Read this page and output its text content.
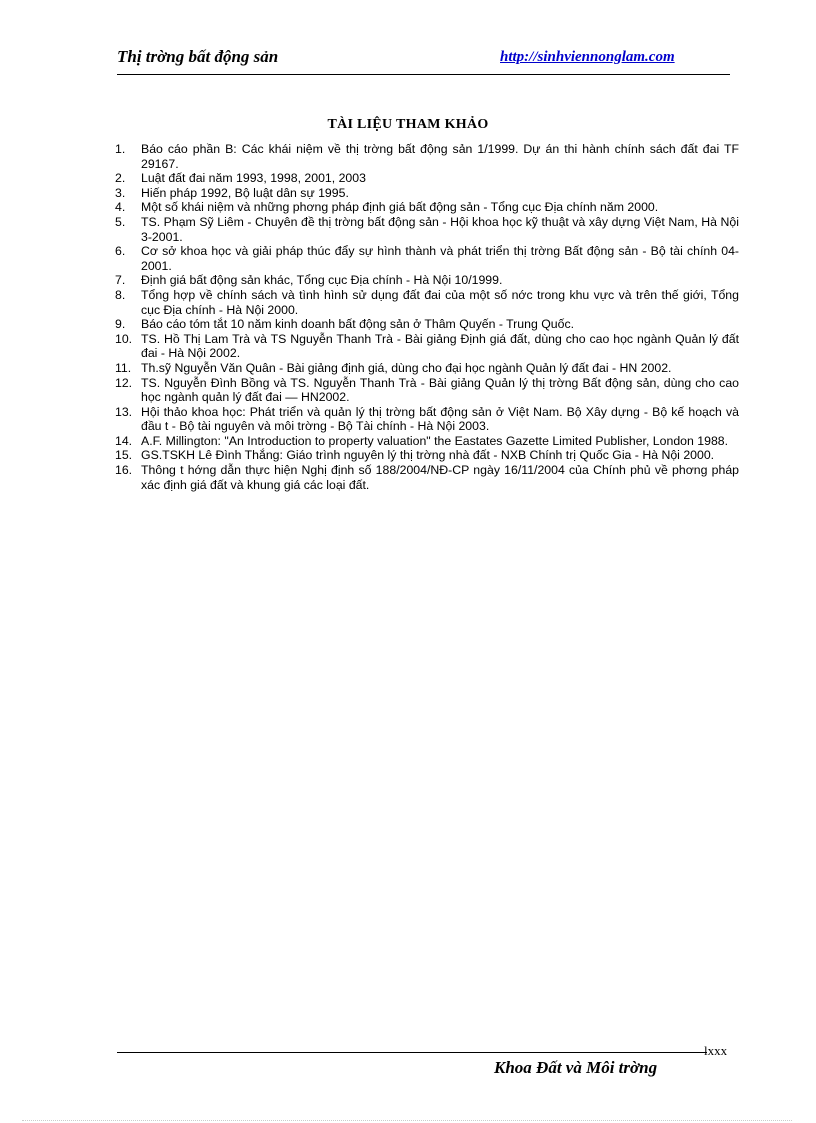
Thị trờng bất động sản	http://sinhviennonglam.com
TÀI LIỆU THAM KHẢO
1. Báo cáo phần B: Các khái niệm về thị trờng bất động sản 1/1999. Dự án thi hành chính sách đất đai TF 29167.
2. Luật đất đai năm 1993, 1998, 2001, 2003
3. Hiến pháp 1992, Bộ luật dân sự 1995.
4. Một số khái niệm và những phơng pháp định giá bất động sản - Tổng cục Địa chính năm 2000.
5. TS. Phạm Sỹ Liêm - Chuyên đề thị trờng bất động sản - Hội khoa học kỹ thuật và xây dựng Việt Nam, Hà Nội 3-2001.
6. Cơ sở khoa học và giải pháp thúc đẩy sự hình thành và phát triển thị trờng Bất động sản - Bộ tài chính 04-2001.
7. Định giá bất động sản khác, Tổng cục Địa chính - Hà Nội 10/1999.
8. Tổng hợp về chính sách và tình hình sử dụng đất đai của một số nớc trong khu vực và trên thế giới, Tổng cục Địa chính - Hà Nội 2000.
9. Báo cáo tóm tắt 10 năm kinh doanh bất động sản ở Thâm Quyến - Trung Quốc.
10. TS. Hồ Thị Lam Trà và TS Nguyễn Thanh Trà - Bài giảng Định giá đất, dùng cho cao học ngành Quản lý đất đai - Hà Nội 2002.
11. Th.sỹ Nguyễn Văn Quân - Bài giảng định giá, dùng cho đại học ngành Quản lý đất đai - HN 2002.
12. TS. Nguyễn Đình Bồng và TS. Nguyễn Thanh Trà - Bài giảng Quản lý thị trờng Bất động sản, dùng cho cao học ngành quản lý đất đai — HN2002.
13. Hội thảo khoa học: Phát triển và quản lý thị trờng bất động sản ở Việt Nam. Bộ Xây dựng - Bộ kế hoạch và đầu t - Bộ tài nguyên và môi trờng - Bộ Tài chính - Hà Nội 2003.
14. A.F. Millington: "An Introduction to property valuation" the Eastates Gazette Limited Publisher, London 1988.
15. GS.TSKH Lê Đình Thắng: Giáo trình nguyên lý thị trờng nhà đất - NXB Chính trị Quốc Gia - Hà Nội 2000.
16. Thông t hớng dẫn thực hiện Nghị định số 188/2004/NĐ-CP ngày 16/11/2004 của Chính phủ về phơng pháp xác định giá đất và khung giá các loại đất.
lxxx
Khoa Đất và Môi trờng
